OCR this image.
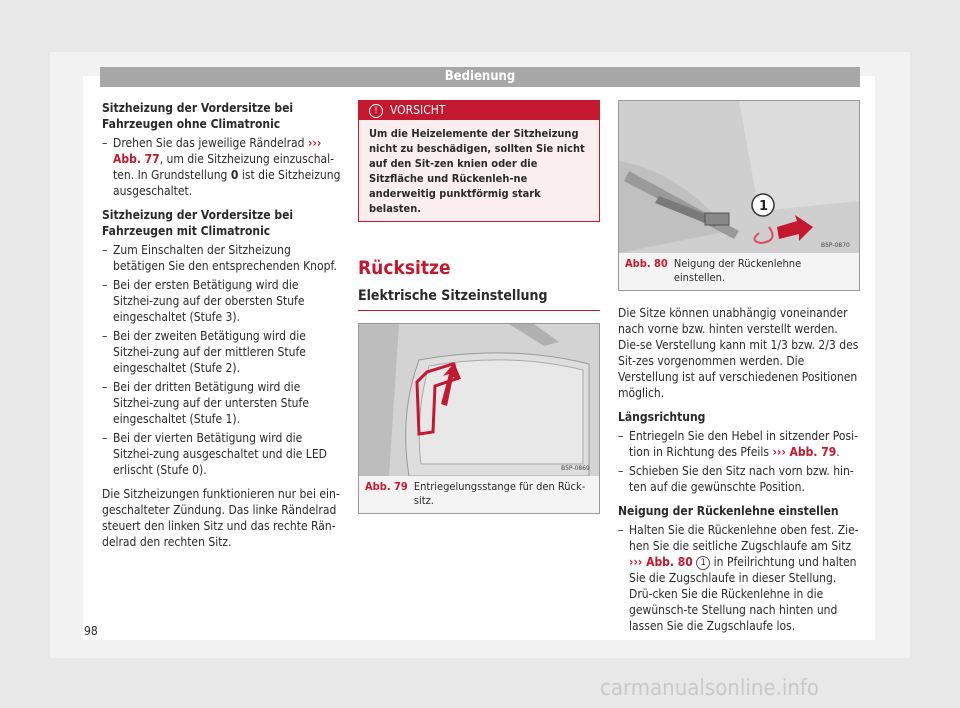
Bedienung

Sitzheizung der Vordersitze bei Fahrzeugen ohne Climatronic

– Drehen Sie das jeweilige Rändelrad ››› Abb. 77, um die Sitzheizung einzuschal-ten. In Grundstellung 0 ist die Sitzheizung ausgeschaltet.

Sitzheizung der Vordersitze bei Fahrzeugen mit Climatronic

– Zum Einschalten der Sitzheizung betätigen Sie den entsprechenden Knopf.
– Bei der ersten Betätigung wird die Sitzhei-zung auf der obersten Stufe eingeschaltet (Stufe 3).
– Bei der zweiten Betätigung wird die Sitzhei-zung auf der mittleren Stufe eingeschaltet (Stufe 2).
– Bei der dritten Betätigung wird die Sitzhei-zung auf der untersten Stufe eingeschaltet (Stufe 1).
– Bei der vierten Betätigung wird die Sitzhei-zung ausgeschaltet und die LED erlischt (Stufe 0).

Die Sitzheizungen funktionieren nur bei ein-geschalteter Zündung. Das linke Rändelrad steuert den linken Sitz und das rechte Rän-delrad den rechten Sitz.

!	VORSICHT
Um die Heizelemente der Sitzheizung nicht zu beschädigen, sollten Sie nicht auf den Sit-zen knien oder die Sitzfläche und Rückenleh-ne anderweitig punktförmig stark belasten.
Rücksitze
Elektrische Sitzeinstellung
B5P-0869
Abb. 79 Entriegelungsstange für den Rück-sitz.
1
B5P-0870
Abb. 80 Neigung der Rückenlehne einstellen.

Die Sitze können unabhängig voneinander nach vorne bzw. hinten verstellt werden. Die-se Verstellung kann mit 1/3 bzw. 2/3 des Sit-zes vorgenommen werden. Die Verstellung ist auf verschiedenen Positionen möglich.

Längsrichtung

– Entriegeln Sie den Hebel in sitzender Posi-tion in Richtung des Pfeils ››› Abb. 79.
– Schieben Sie den Sitz nach vorn bzw. hin-ten auf die gewünschte Position.

Neigung der Rückenlehne einstellen

– Halten Sie die Rückenlehne oben fest. Zie-hen Sie die seitliche Zugschlaufe am Sitz ››› Abb. 80 1 in Pfeilrichtung und halten Sie die Zugschlaufe in dieser Stellung. Drü-cken Sie die Rückenlehne in die gewünsch-te Stellung nach hinten und lassen Sie die Zugschlaufe los.
98
carmanualsonline.info
